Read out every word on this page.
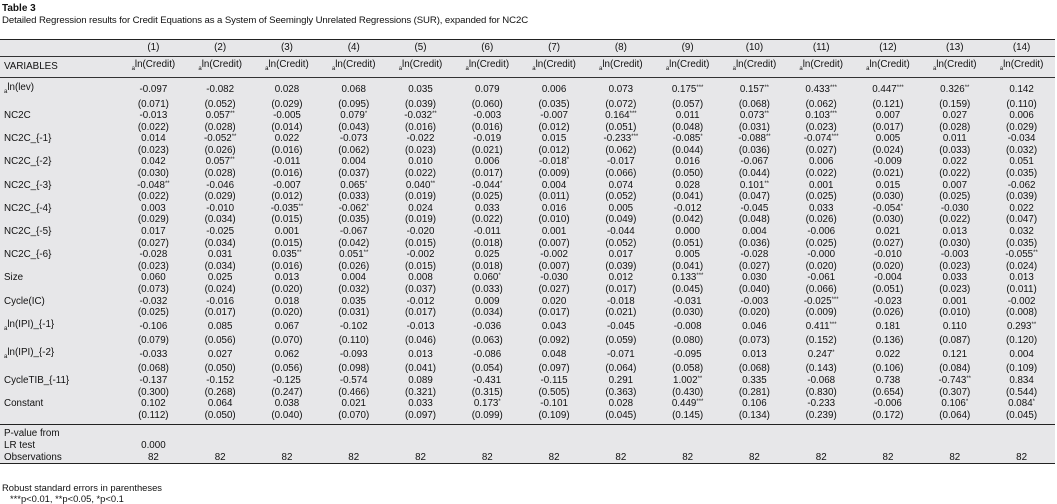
Table 3
Detailed Regression results for Credit Equations as a System of Seemingly Unrelated Regressions (SUR), expanded for NC2C
	(1)	(2)	(3)	(4)	(5)	(6)	(7)	(8)	(9)	(10)	(11)	(12)	(13)	(14)
VARIABLES	$_a$ln(Credit)	$_a$ln(Credit)	$_a$ln(Credit)	$_a$ln(Credit)	$_a$ln(Credit)	$_a$ln(Credit)	$_a$ln(Credit)	$_a$ln(Credit)	$_a$ln(Credit)	$_a$ln(Credit)	$_a$ln(Credit)	$_a$ln(Credit)	$_a$ln(Credit)	$_a$ln(Credit)
$_a$ln(lev)	-0.097	-0.082	0.028	0.068	0.035	0.079	0.006	0.073	0.175***	0.157**	0.433***	0.447***	0.326**	0.142
	(0.071)	(0.052)	(0.029)	(0.095)	(0.039)	(0.060)	(0.035)	(0.072)	(0.057)	(0.068)	(0.062)	(0.121)	(0.159)	(0.110)
NC2C	-0.013	0.057**	-0.005	0.079*	-0.032**	-0.003	-0.007	0.164***	0.011	0.073**	0.103***	0.007	0.027	0.006
	(0.022)	(0.028)	(0.014)	(0.043)	(0.016)	(0.016)	(0.012)	(0.051)	(0.048)	(0.031)	(0.023)	(0.017)	(0.028)	(0.029)
NC2C_{-1}	0.014	-0.052**	0.022	-0.073	-0.022	-0.019	0.015	-0.233***	-0.085*	-0.088**	-0.074***	0.005	0.011	-0.034
	(0.023)	(0.026)	(0.016)	(0.062)	(0.023)	(0.021)	(0.012)	(0.062)	(0.044)	(0.036)	(0.027)	(0.024)	(0.033)	(0.032)
NC2C_{-2}	0.042	0.057**	-0.011	0.004	0.010	0.006	-0.018*	-0.017	0.016	-0.067	0.006	-0.009	0.022	0.051
	(0.030)	(0.028)	(0.016)	(0.037)	(0.022)	(0.017)	(0.009)	(0.066)	(0.050)	(0.044)	(0.022)	(0.021)	(0.022)	(0.035)
NC2C_{-3}	-0.048**	-0.046	-0.007	0.065*	0.040**	-0.044*	0.004	0.074	0.028	0.101**	0.001	0.015	0.007	-0.062
	(0.022)	(0.029)	(0.012)	(0.033)	(0.019)	(0.025)	(0.011)	(0.052)	(0.041)	(0.047)	(0.025)	(0.030)	(0.025)	(0.039)
NC2C_{-4}	0.003	-0.010	-0.035**	-0.062*	0.024	0.033	0.016	0.005	-0.012	-0.045	0.033	-0.054*	-0.030	0.022
	(0.029)	(0.034)	(0.015)	(0.035)	(0.019)	(0.022)	(0.010)	(0.049)	(0.042)	(0.048)	(0.026)	(0.030)	(0.022)	(0.047)
NC2C_{-5}	0.017	-0.025	0.001	-0.067	-0.020	-0.011	0.001	-0.044	0.000	0.004	-0.006	0.021	0.013	0.032
	(0.027)	(0.034)	(0.015)	(0.042)	(0.015)	(0.018)	(0.007)	(0.052)	(0.051)	(0.036)	(0.025)	(0.027)	(0.030)	(0.035)
NC2C_{-6}	-0.028	0.031	0.035**	0.051**	-0.002	0.025	-0.002	0.017	0.005	-0.028	-0.000	-0.010	-0.003	-0.055**
	(0.023)	(0.034)	(0.016)	(0.026)	(0.015)	(0.018)	(0.007)	(0.039)	(0.041)	(0.027)	(0.020)	(0.020)	(0.023)	(0.024)
Size	0.060	0.025	0.013	0.004	0.008	0.060*	-0.030	0.012	0.133***	0.030	-0.061	-0.004	0.033	0.013
	(0.073)	(0.024)	(0.020)	(0.032)	(0.037)	(0.033)	(0.027)	(0.017)	(0.045)	(0.040)	(0.066)	(0.051)	(0.023)	(0.011)
Cycle(IC)	-0.032	-0.016	0.018	0.035	-0.012	0.009	0.020	-0.018	-0.031	-0.003	-0.025***	-0.023	0.001	-0.002
	(0.025)	(0.017)	(0.020)	(0.031)	(0.017)	(0.034)	(0.017)	(0.021)	(0.030)	(0.020)	(0.009)	(0.026)	(0.010)	(0.008)
$_a$ln(IPI)_{-1}	-0.106	0.085	0.067	-0.102	-0.013	-0.036	0.043	-0.045	-0.008	0.046	0.411***	0.181	0.110	0.293**
	(0.079)	(0.056)	(0.070)	(0.110)	(0.046)	(0.063)	(0.092)	(0.059)	(0.080)	(0.073)	(0.152)	(0.136)	(0.087)	(0.120)
$_a$ln(IPI)_{-2}	-0.033	0.027	0.062	-0.093	0.013	-0.086	0.048	-0.071	-0.095	0.013	0.247*	0.022	0.121	0.004
	(0.068)	(0.050)	(0.056)	(0.098)	(0.041)	(0.054)	(0.097)	(0.064)	(0.058)	(0.068)	(0.143)	(0.106)	(0.084)	(0.109)
CycleTIB_{-11}	-0.137	-0.152	-0.125	-0.574	0.089	-0.431	-0.115	0.291	1.002**	0.335	-0.068	0.738	-0.743**	0.834
	(0.300)	(0.268)	(0.247)	(0.466)	(0.321)	(0.315)	(0.505)	(0.363)	(0.430)	(0.281)	(0.830)	(0.654)	(0.307)	(0.544)
Constant	0.102	0.064	0.038	0.021	0.033	0.173*	-0.101	0.028	0.449***	0.106	-0.233	-0.006	0.106*	0.084*
	(0.112)	(0.050)	(0.040)	(0.070)	(0.097)	(0.099)	(0.109)	(0.045)	(0.145)	(0.134)	(0.239)	(0.172)	(0.064)	(0.045)
P-value from														
LR test	0.000													
Observations	82	82	82	82	82	82	82	82	82	82	82	82	82	82
Robust standard errors in parentheses
***p<0.01, **p<0.05, *p<0.1
